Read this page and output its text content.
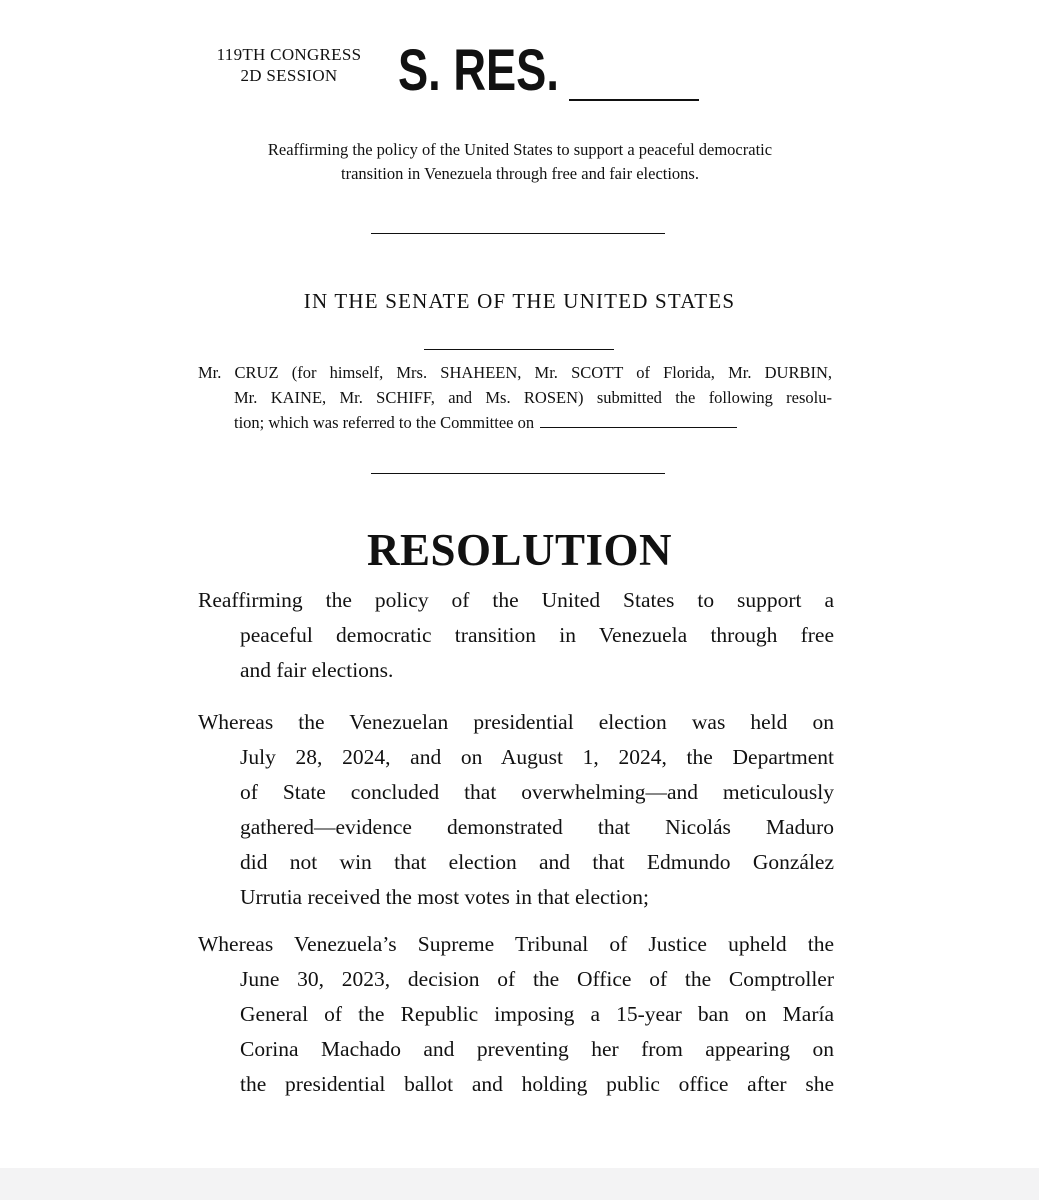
119TH CONGRESS
2D SESSION	S. RES.
Reaffirming the policy of the United States to support a peaceful democratic
transition in Venezuela through free and fair elections.
IN THE SENATE OF THE UNITED STATES
Mr. CRUZ (for himself, Mrs. SHAHEEN, Mr. SCOTT of Florida, Mr. DURBIN,
Mr. KAINE, Mr. SCHIFF, and Ms. ROSEN) submitted the following resolu-
tion; which was referred to the Committee on
RESOLUTION
Reaffirming the policy of the United States to support a
peaceful democratic transition in Venezuela through free
and fair elections.
Whereas the Venezuelan presidential election was held on
July 28, 2024, and on August 1, 2024, the Department
of State concluded that overwhelming—and meticulously
gathered—evidence demonstrated that Nicolás Maduro
did not win that election and that Edmundo González
Urrutia received the most votes in that election;
Whereas Venezuela’s Supreme Tribunal of Justice upheld the
June 30, 2023, decision of the Office of the Comptroller
General of the Republic imposing a 15-year ban on María
Corina Machado and preventing her from appearing on
the presidential ballot and holding public office after she
